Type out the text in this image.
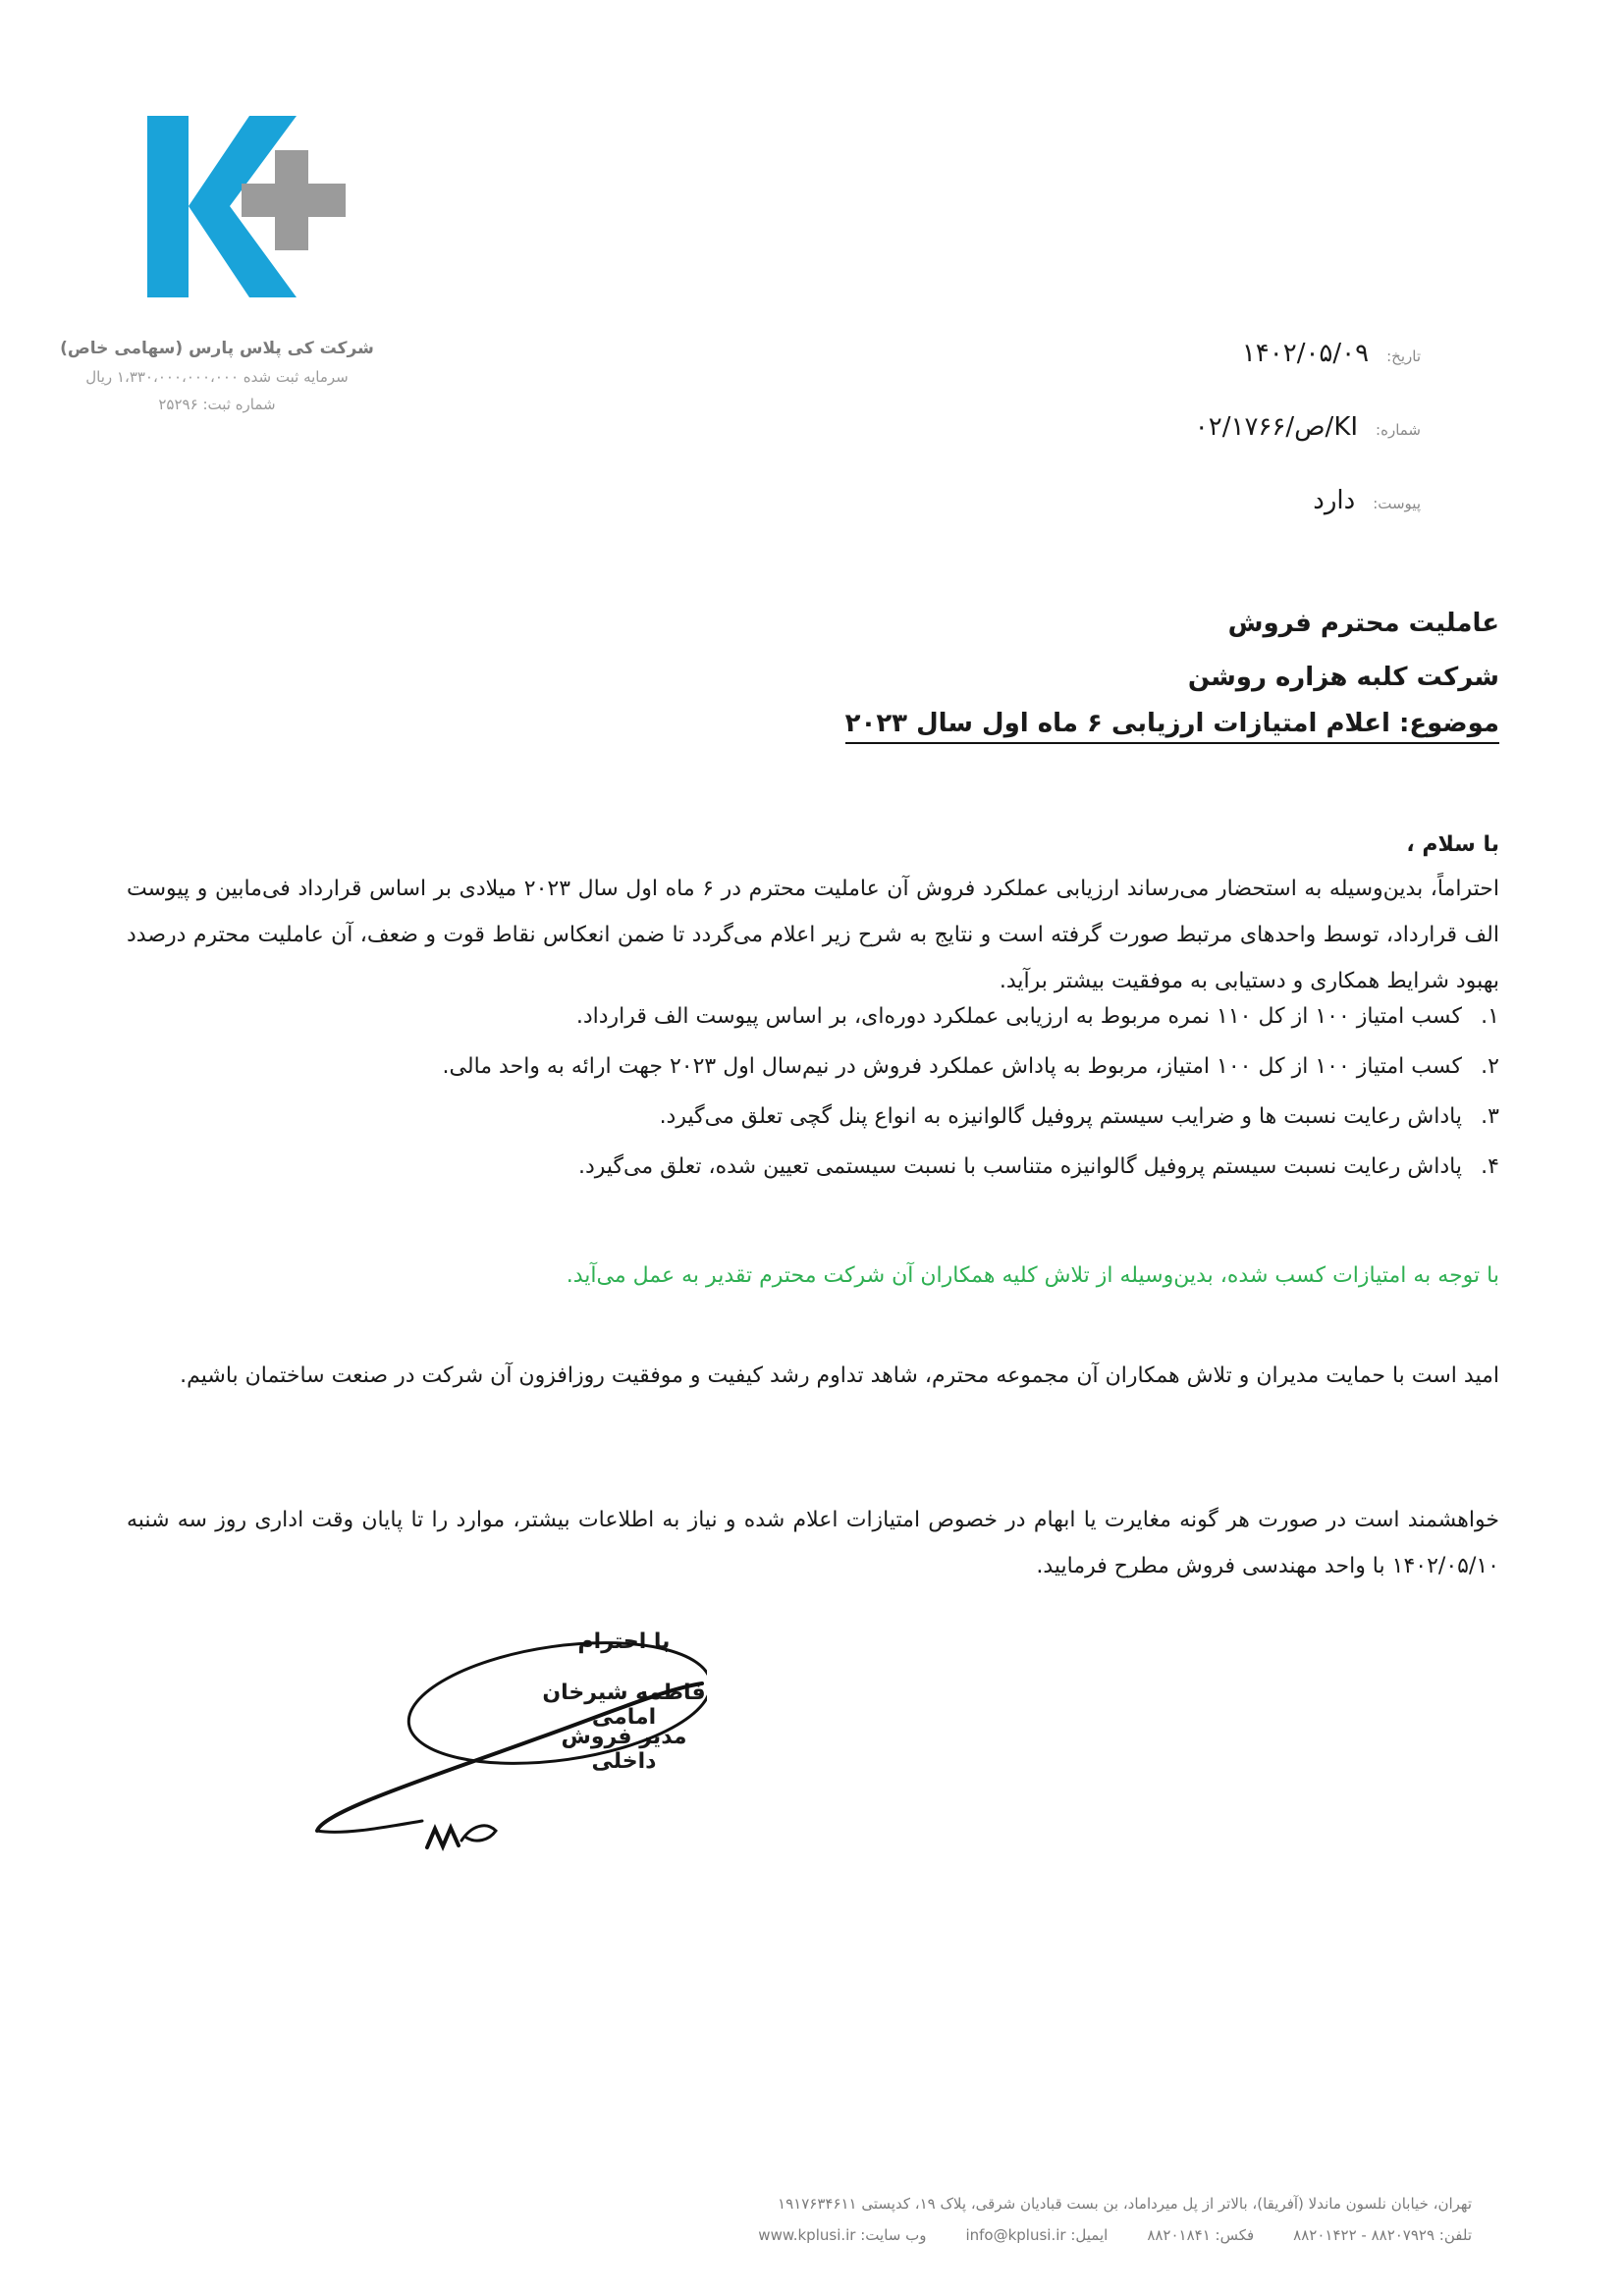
شرکت کی پلاس پارس (سهامی خاص)
سرمایه ثبت شده ۱،۳۳۰،۰۰۰،۰۰۰،۰۰۰ ریال
شماره ثبت: ۲۵۲۹۶
تاریخ:
۱۴۰۲/۰۵/۰۹
شماره:
KI/ص/۰۲/۱۷۶۶
پیوست:
دارد
عاملیت محترم فروش
شرکت کلبه هزاره روشن
موضوع: اعلام امتیازات ارزیابی ۶ ماه اول سال ۲۰۲۳
با سلام ،
احتراماً، بدین‌وسیله به استحضار می‌رساند ارزیابی عملکرد فروش آن عاملیت محترم در ۶ ماه اول سال ۲۰۲۳ میلادی بر اساس قرارداد فی‌مابین و پیوست الف قرارداد، توسط واحدهای مرتبط صورت گرفته است و نتایج به شرح زیر اعلام می‌گردد تا ضمن انعکاس نقاط قوت و ضعف، آن عاملیت محترم درصدد بهبود شرایط همکاری و دستیابی به موفقیت بیشتر برآید.
۱.
کسب امتیاز ۱۰۰ از کل ۱۱۰ نمره مربوط به ارزیابی عملکرد دوره‌ای، بر اساس پیوست الف قرارداد.
۲.
کسب امتیاز ۱۰۰ از کل ۱۰۰ امتیاز، مربوط به پاداش عملکرد فروش در نیم‌سال اول ۲۰۲۳ جهت ارائه به واحد مالی.
۳.
پاداش رعایت نسبت ها و ضرایب سیستم پروفیل گالوانیزه به انواع پنل گچی تعلق می‌گیرد.
۴.
پاداش رعایت نسبت سیستم پروفیل گالوانیزه متناسب با نسبت سیستمی تعیین شده، تعلق می‌گیرد.
با توجه به امتیازات کسب شده، بدین‌وسیله از تلاش کلیه همکاران آن شرکت محترم تقدیر به عمل می‌آید.
امید است با حمایت مدیران و تلاش همکاران آن مجموعه محترم، شاهد تداوم رشد کیفیت و موفقیت روزافزون آن شرکت در صنعت ساختمان باشیم.
خواهشمند است در صورت هر گونه مغایرت یا ابهام در خصوص امتیازات اعلام شده و نیاز به اطلاعات بیشتر، موارد را تا پایان وقت اداری روز سه شنبه ۱۴۰۲/۰۵/۱۰ با واحد مهندسی فروش مطرح فرمایید.
با احترام
فاطمه شیرخان امامی
مدیر فروش داخلی
تهران، خیابان نلسون ماندلا (آفریقا)، بالاتر از پل میرداماد، بن بست قبادیان شرقی، پلاک ۱۹، کدپستی ۱۹۱۷۶۳۴۶۱۱
تلفن: ۸۸۲۰۷۹۲۹ - ۸۸۲۰۱۴۲۲
فکس: ۸۸۲۰۱۸۴۱
ایمیل: info@kplusi.ir
وب سایت: www.kplusi.ir
